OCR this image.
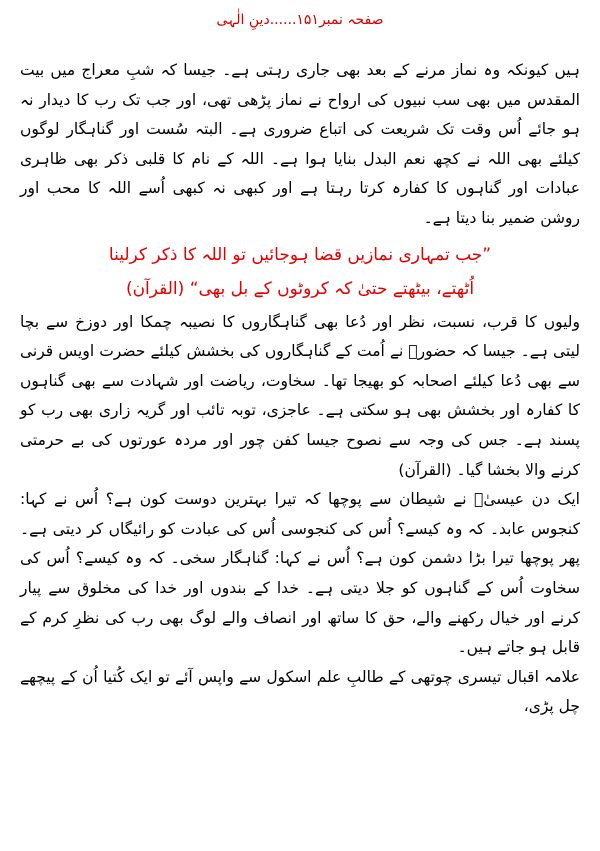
صفحہ نمبر۱۵۱......دینِ الٰہی

ہیں کیونکہ وہ نماز مرنے کے بعد بھی جاری رہتی ہے۔ جیسا کہ شبِ معراج میں بیت المقدس میں بھی سب نبیوں کی ارواح نے نماز پڑھی تھی، اور جب تک رب کا دیدار نہ ہو جائے اُس وقت تک شریعت کی اتباع ضروری ہے۔ البتہ سُست اور گناہگار لوگوں کیلئے بھی اللہ نے کچھ نعم البدل بنایا ہوا ہے۔ اللہ کے نام کا قلبی ذکر بھی ظاہری عبادات اور گناہوں کا کفارہ کرتا رہتا ہے اور کبھی نہ کبھی اُسے اللہ کا محب اور روشن ضمیر بنا دیتا ہے۔

”جب تمہاری نمازیں قضا ہوجائیں تو اللہ کا ذکر کرلینا
اُٹھتے، بیٹھتے حتیٰ کہ کروٹوں کے بل بھی“ (القرآن)

ولیوں کا قرب، نسبت، نظر اور دُعا بھی گناہگاروں کا نصیبہ چمکا اور دوزخ سے بچا لیتی ہے۔ جیسا کہ حضورؐ نے اُمت کے گناہگاروں کی بخشش کیلئے حضرت اویس قرنی سے بھی دُعا کیلئے اصحابہ کو بھیجا تھا۔ سخاوت، ریاضت اور شہادت سے بھی گناہوں کا کفارہ اور بخشش بھی ہو سکتی ہے۔ عاجزی، توبہ تائب اور گریہ زاری بھی رب کو پسند ہے۔ جس کی وجہ سے نصوح جیسا کفن چور اور مردہ عورتوں کی بے حرمتی کرنے والا بخشا گیا۔ (القرآن)

ایک دن عیسیٰؑ نے شیطان سے پوچھا کہ تیرا بہترین دوست کون ہے؟ اُس نے کہا: کنجوس عابد۔ کہ وہ کیسے؟ اُس کی کنجوسی اُس کی عبادت کو رائیگاں کر دیتی ہے۔ پھر پوچھا تیرا بڑا دشمن کون ہے؟ اُس نے کہا: گناہگار سخی۔ کہ وہ کیسے؟ اُس کی سخاوت اُس کے گناہوں کو جلا دیتی ہے۔ خدا کے بندوں اور خدا کی مخلوق سے پیار کرنے اور خیال رکھنے والے، حق کا ساتھ اور انصاف والے لوگ بھی رب کی نظرِ کرم کے قابل ہو جاتے ہیں۔

علامہ اقبال تیسری چوتھی کے طالبِ علم اسکول سے واپس آئے تو ایک کُتیا اُن کے پیچھے چل پڑی،
